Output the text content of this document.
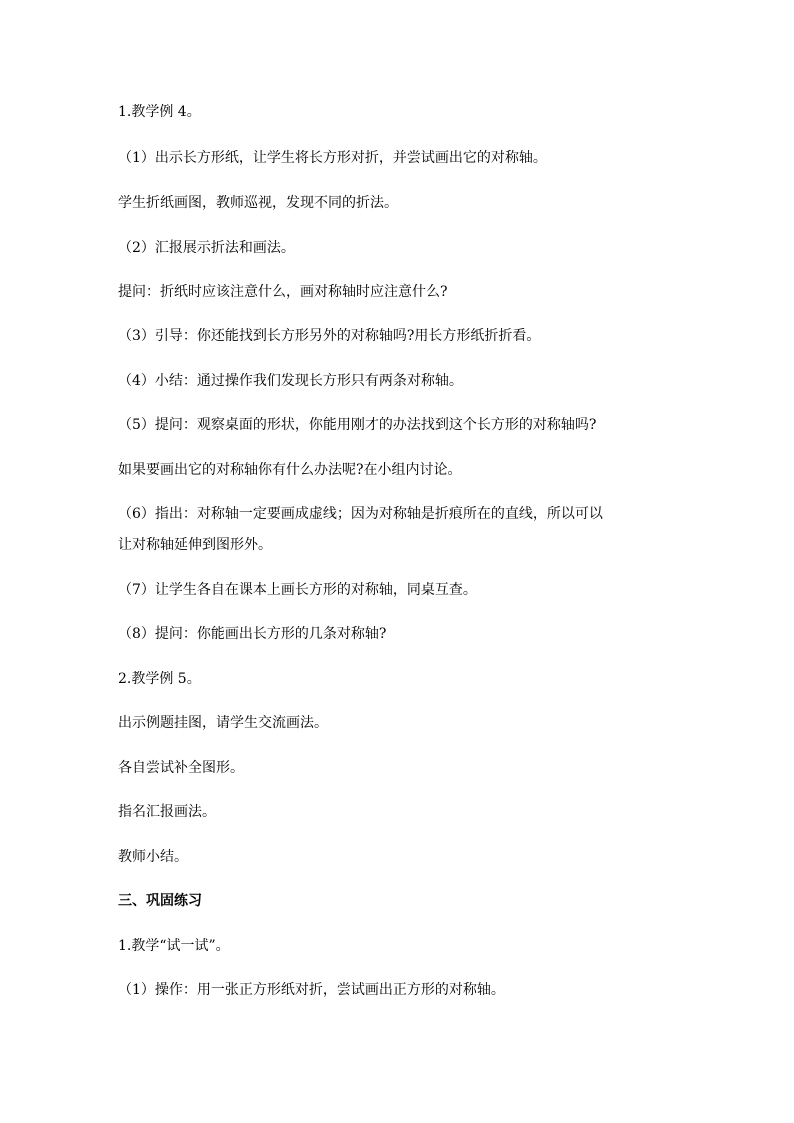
1.教学例 4。
（1）出示长方形纸，让学生将长方形对折，并尝试画出它的对称轴。
学生折纸画图，教师巡视，发现不同的折法。
（2）汇报展示折法和画法。
提问：折纸时应该注意什么，画对称轴时应注意什么?
（3）引导：你还能找到长方形另外的对称轴吗?用长方形纸折折看。
（4）小结：通过操作我们发现长方形只有两条对称轴。
（5）提问：观察桌面的形状，你能用刚才的办法找到这个长方形的对称轴吗?
如果要画出它的对称轴你有什么办法呢?在小组内讨论。
（6）指出：对称轴一定要画成虚线；因为对称轴是折痕所在的直线，所以可以
让对称轴延伸到图形外。
（7）让学生各自在课本上画长方形的对称轴，同桌互查。
（8）提问：你能画出长方形的几条对称轴?
2.教学例 5。
出示例题挂图，请学生交流画法。
各自尝试补全图形。
指名汇报画法。
教师小结。
三、巩固练习
1.教学“试一试”。
（1）操作：用一张正方形纸对折，尝试画出正方形的对称轴。
